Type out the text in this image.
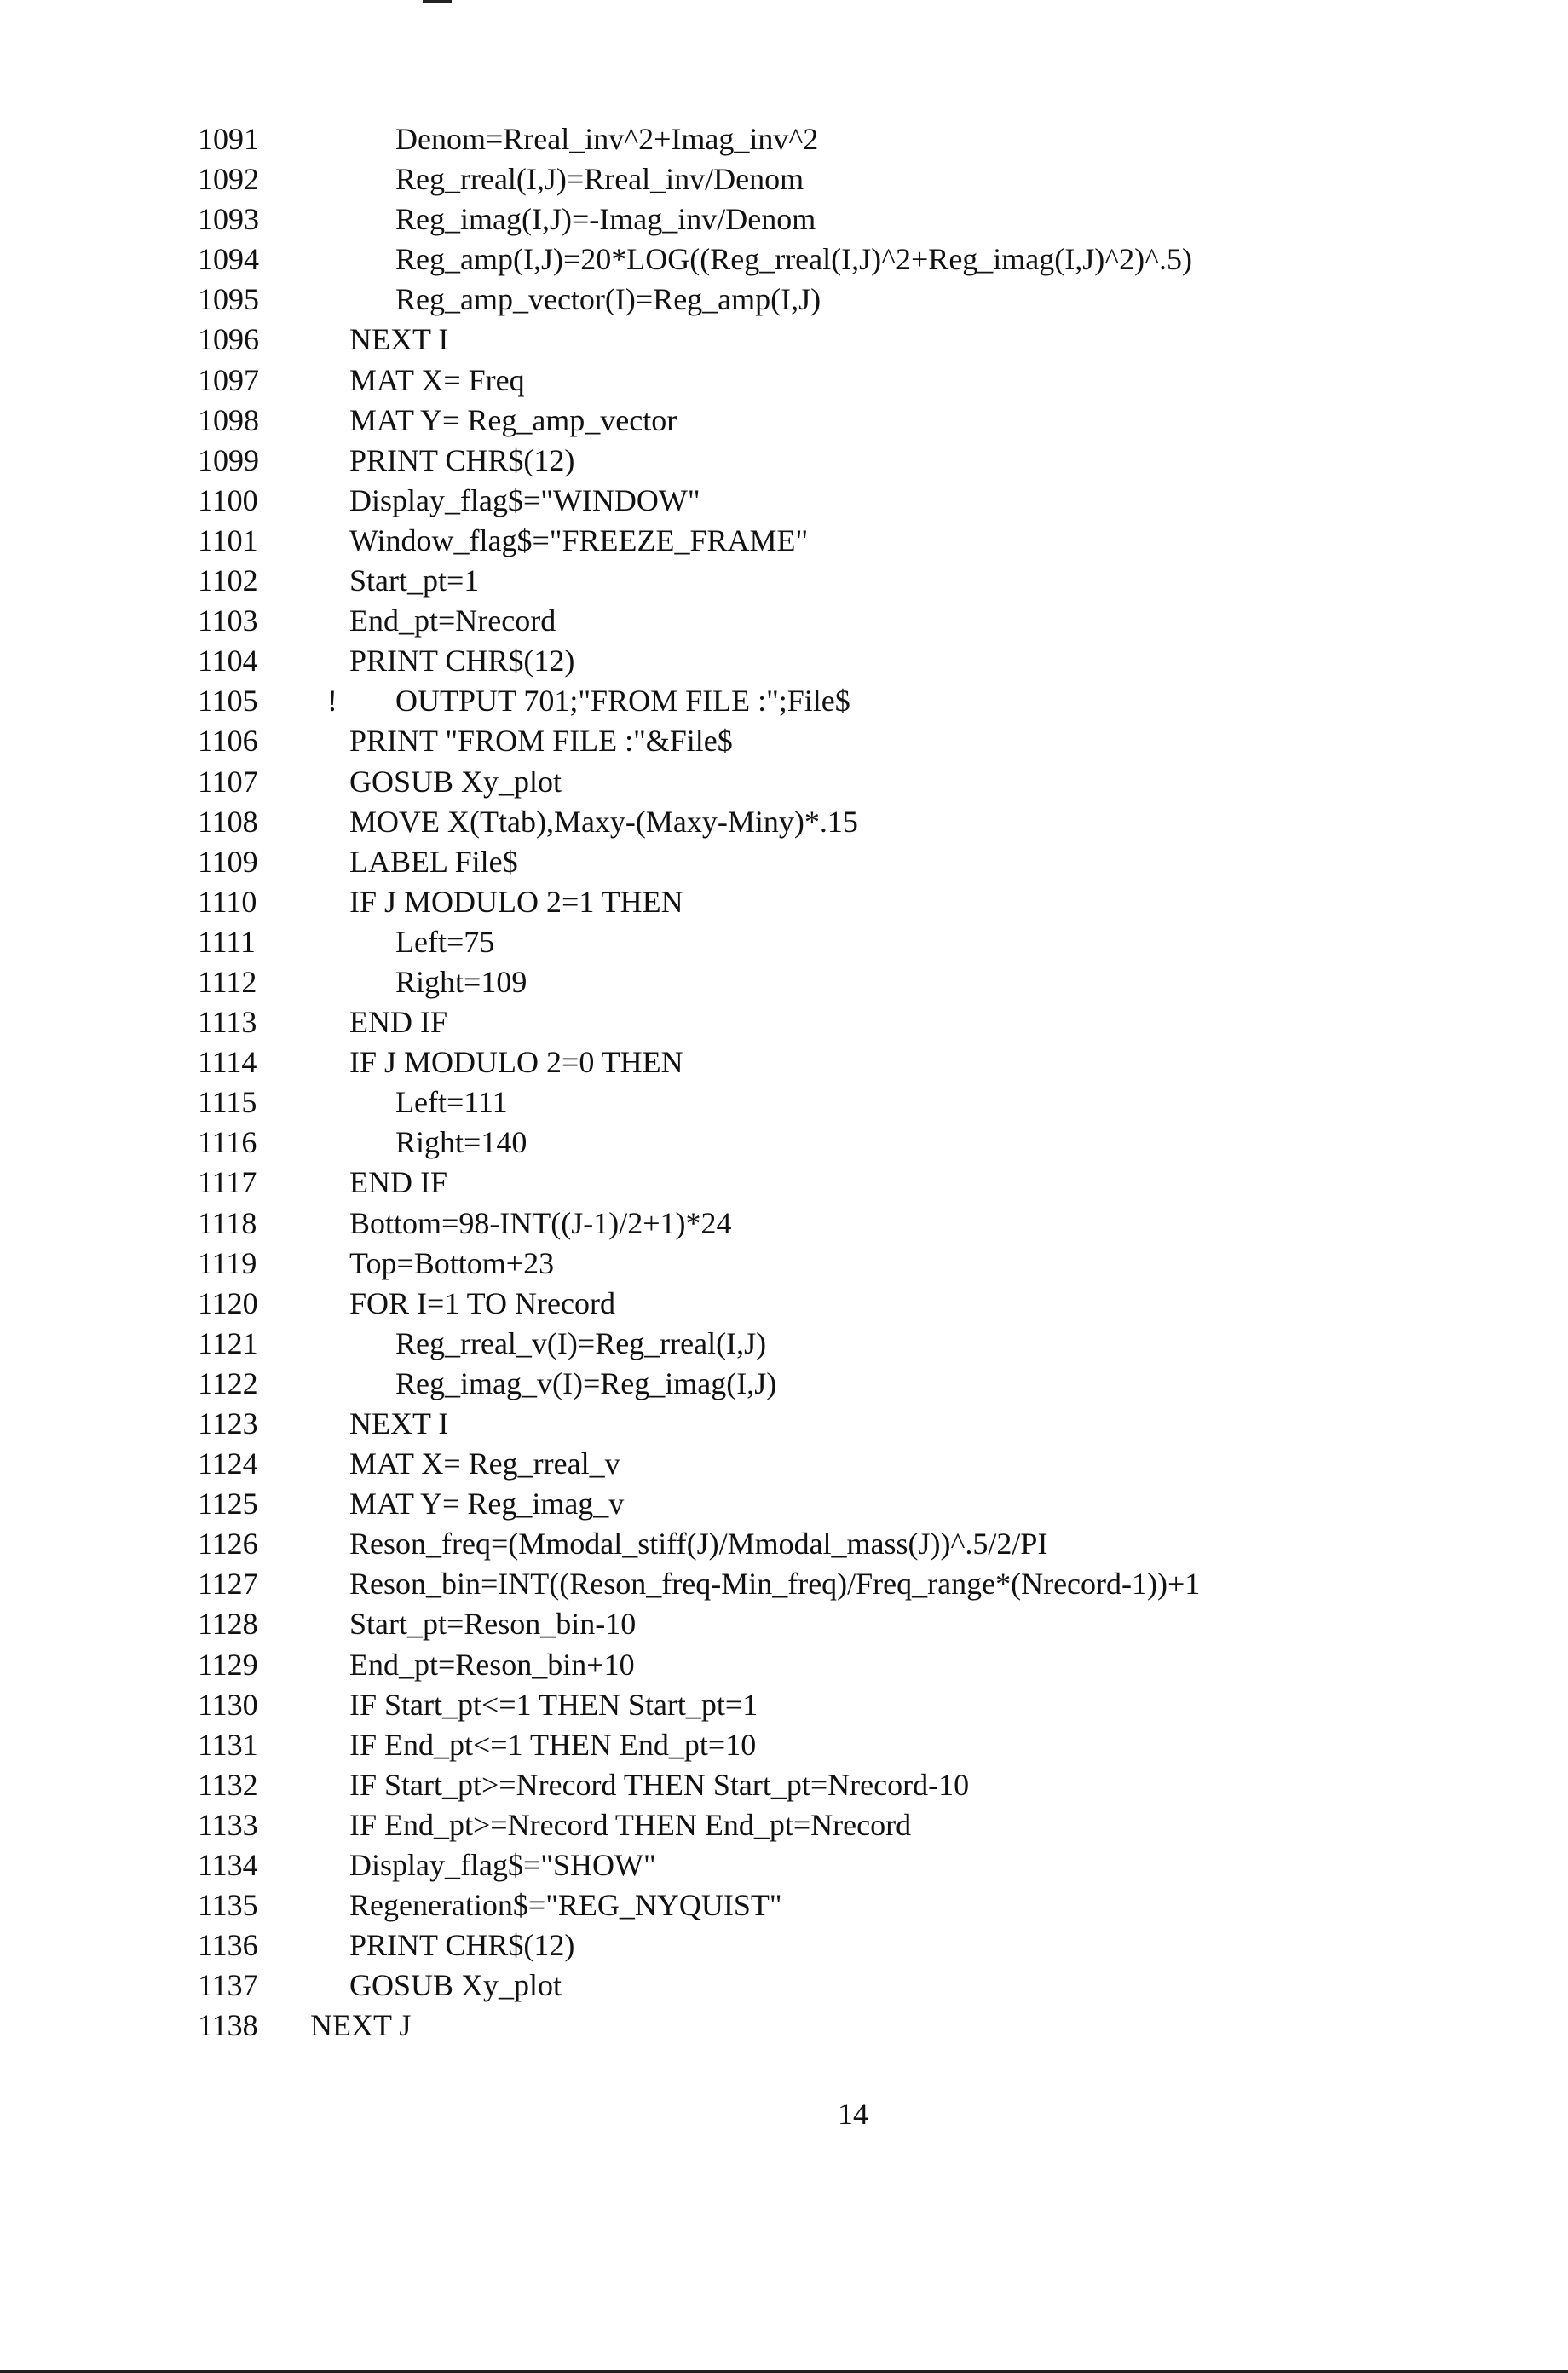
1091	Denom=Rreal_inv^2+Imag_inv^2
1092	Reg_rreal(I,J)=Rreal_inv/Denom
1093	Reg_imag(I,J)=-Imag_inv/Denom
1094	Reg_amp(I,J)=20*LOG((Reg_rreal(I,J)^2+Reg_imag(I,J)^2)^.5)
1095	Reg_amp_vector(I)=Reg_amp(I,J)
1096	NEXT I
1097	MAT X= Freq
1098	MAT Y= Reg_amp_vector
1099	PRINT CHR$(12)
1100	Display_flag$="WINDOW"
1101	Window_flag$="FREEZE_FRAME"
1102	Start_pt=1
1103	End_pt=Nrecord
1104	PRINT CHR$(12)
1105 ! OUTPUT 701;"FROM FILE :";File$
1106	PRINT "FROM FILE :"&File$
1107	GOSUB Xy_plot
1108	MOVE X(Ttab),Maxy-(Maxy-Miny)*.15
1109	LABEL File$
1110	IF J MODULO 2=1 THEN
1111	Left=75
1112	Right=109
1113	END IF
1114	IF J MODULO 2=0 THEN
1115	Left=111
1116	Right=140
1117	END IF
1118	Bottom=98-INT((J-1)/2+1)*24
1119	Top=Bottom+23
1120	FOR I=1 TO Nrecord
1121	Reg_rreal_v(I)=Reg_rreal(I,J)
1122	Reg_imag_v(I)=Reg_imag(I,J)
1123	NEXT I
1124	MAT X= Reg_rreal_v
1125	MAT Y= Reg_imag_v
1126	Reson_freq=(Mmodal_stiff(J)/Mmodal_mass(J))^.5/2/PI
1127	Reson_bin=INT((Reson_freq-Min_freq)/Freq_range*(Nrecord-1))+1
1128	Start_pt=Reson_bin-10
1129	End_pt=Reson_bin+10
1130	IF Start_pt<=1 THEN Start_pt=1
1131	IF End_pt<=1 THEN End_pt=10
1132	IF Start_pt>=Nrecord THEN Start_pt=Nrecord-10
1133	IF End_pt>=Nrecord THEN End_pt=Nrecord
1134	Display_flag$="SHOW"
1135	Regeneration$="REG_NYQUIST"
1136	PRINT CHR$(12)
1137	GOSUB Xy_plot
1138 NEXT J
14
